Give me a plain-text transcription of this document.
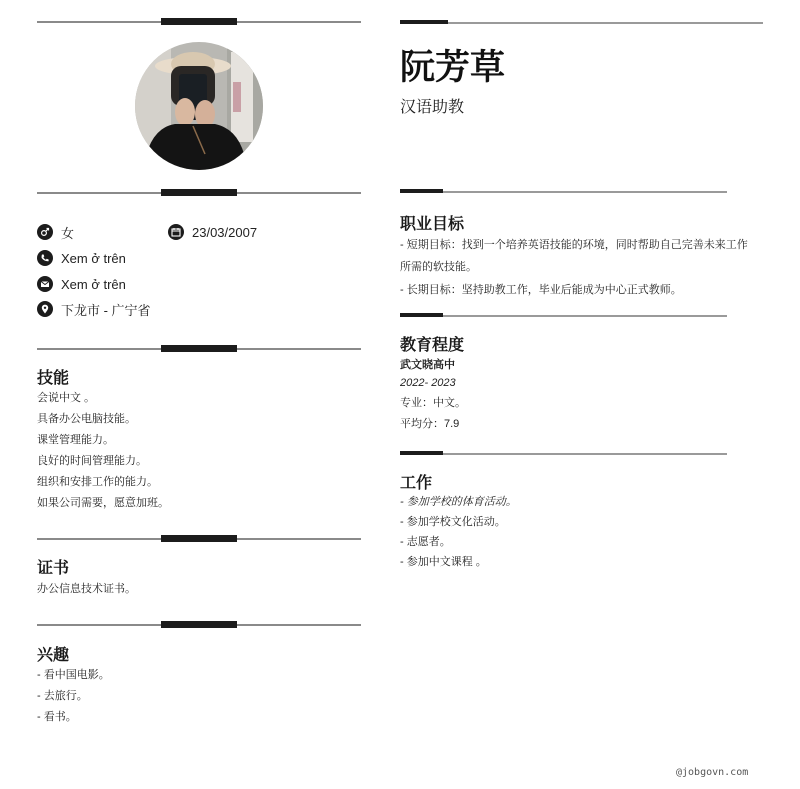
女	23/03/2007
Xem ở trên
Xem ở trên
下龙市 - 广宁省
技能
会说中文 。
具备办公电脑技能。
课堂管理能力。
良好的时间管理能力。
组织和安排工作的能力。
如果公司需要，愿意加班。
证书
办公信息技术证书。
兴趣
- 看中国电影。
- 去旅行。
- 看书。
阮芳草
汉语助教
职业目标
- 短期目标：找到一个培养英语技能的环境，同时帮助自己完善未来工作
所需的软技能。
- 长期目标：坚持助教工作，毕业后能成为中心正式教师。
教育程度
武文晓高中
2022- 2023
专业：中文。
平均分：7.9
工作
- 参加学校的体育活动。
- 参加学校文化活动。
- 志愿者。
- 参加中文课程 。
@jobgovn.com
